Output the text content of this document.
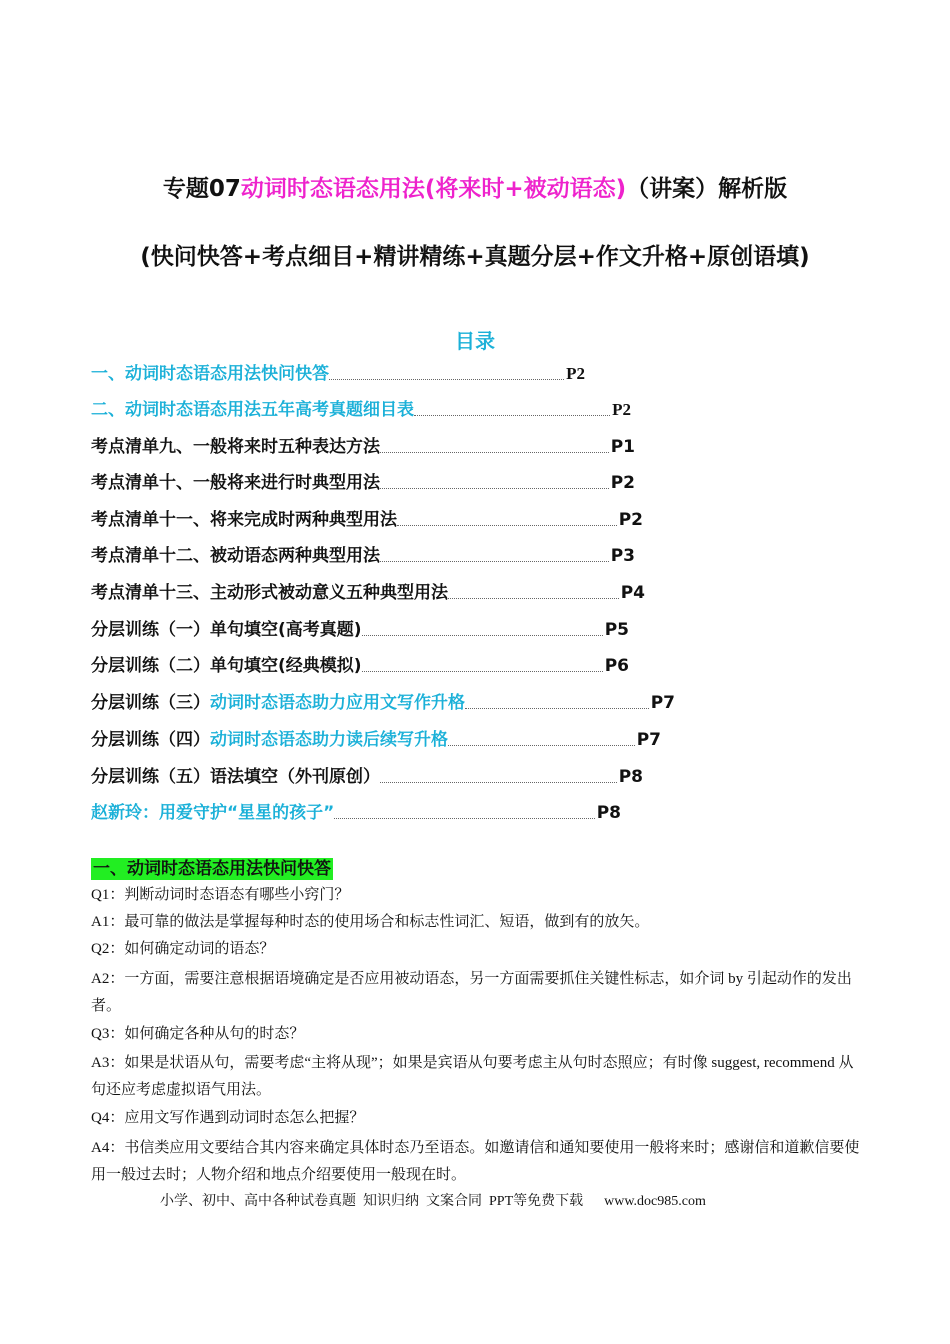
专题07动词时态语态用法(将来时+被动语态)（讲案）解析版
(快问快答+考点细目+精讲精练+真题分层+作文升格+原创语填)
目录
一、动词时态语态用法快问快答	P2
二、动词时态语态用法五年高考真题细目表	P2
考点清单九、一般将来时五种表达方法	P1
考点清单十、一般将来进行时典型用法	P2
考点清单十一、将来完成时两种典型用法	P2
考点清单十二、被动语态两种典型用法	P3
考点清单十三、主动形式被动意义五种典型用法	P4
分层训练（一）单句填空(高考真题)	P5
分层训练（二）单句填空(经典模拟)	P6
分层训练（三） 动词时态语态助力应用文写作升格	P7
分层训练（四） 动词时态语态助力读后续写升格	P7
分层训练（五）语法填空（外刊原创）	P8
赵新玲：用爱守护“星星的孩子”	P8
一、动词时态语态用法快问快答
Q1：判断动词时态语态有哪些小窍门？
A1：最可靠的做法是掌握每种时态的使用场合和标志性词汇、短语，做到有的放矢。
Q2：如何确定动词的语态？
A2：一方面，需要注意根据语境确定是否应用被动语态，另一方面需要抓住关键性标志，如介词 by 引起动作的发出者。
Q3：如何确定各种从句的时态？
A3：如果是状语从句，需要考虑“主将从现”；如果是宾语从句要考虑主从句时态照应；有时像 suggest, recommend 从句还应考虑虚拟语气用法。
Q4：应用文写作遇到动词时态怎么把握？
A4：书信类应用文要结合其内容来确定具体时态乃至语态。如邀请信和通知要使用一般将来时；感谢信和道歉信要使用一般过去时；人物介绍和地点介绍要使用一般现在时。
小学、初中、高中各种试卷真题  知识归纳  文案合同  PPT等免费下载      www.doc985.com
